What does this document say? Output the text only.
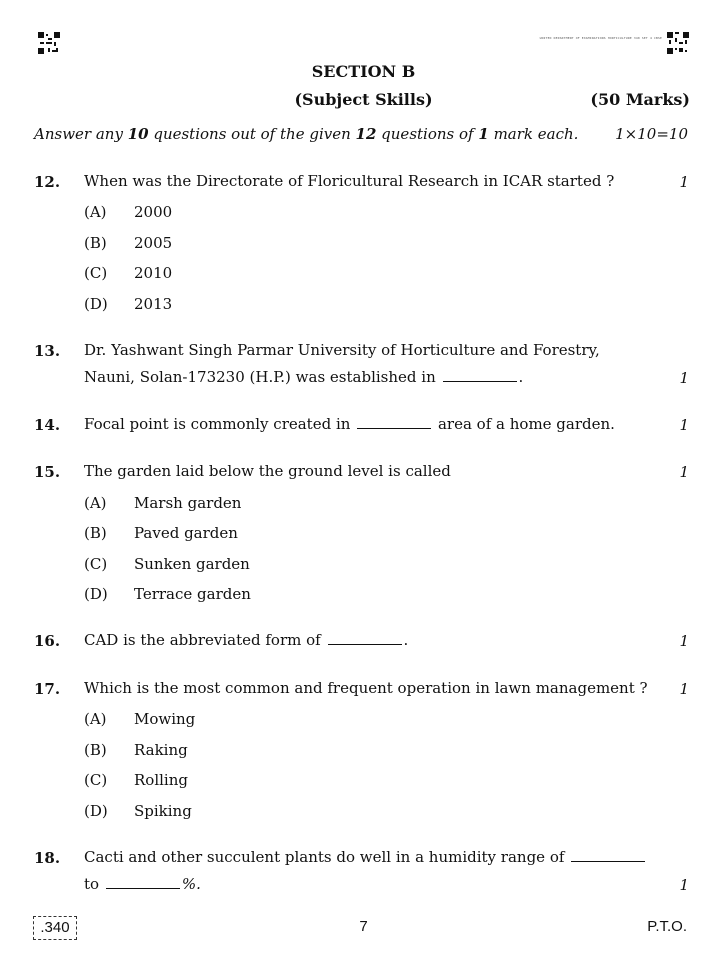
UNITED DEPARTMENT OF EXAMINATIONS HORTICULTURE 340 SET 4 CBSE
SECTION B
(Subject Skills)	(50 Marks)
Answer any 10 questions out of the given 12 questions of 1 mark each. 1×10=10
12. When was the Directorate of Floricultural Research in ICAR started ?	1
(A) 2000
(B) 2005
(C) 2010
(D) 2013
13. Dr. Yashwant Singh Parmar University of Horticulture and Forestry,
Nauni, Solan-173230 (H.P.) was established in	.	1
14. Focal point is commonly created in	area of a home garden.	1
15. The garden laid below the ground level is called	1
(A) Marsh garden
(B) Paved garden
(C) Sunken garden
(D) Terrace garden
16. CAD is the abbreviated form of	.	1
17. Which is the most common and frequent operation in lawn management ?	1
(A) Mowing
(B) Raking
(C) Rolling
(D) Spiking
18. Cacti and other succulent plants do well in a humidity range of
to	%.	1
.340	7	P.T.O.
